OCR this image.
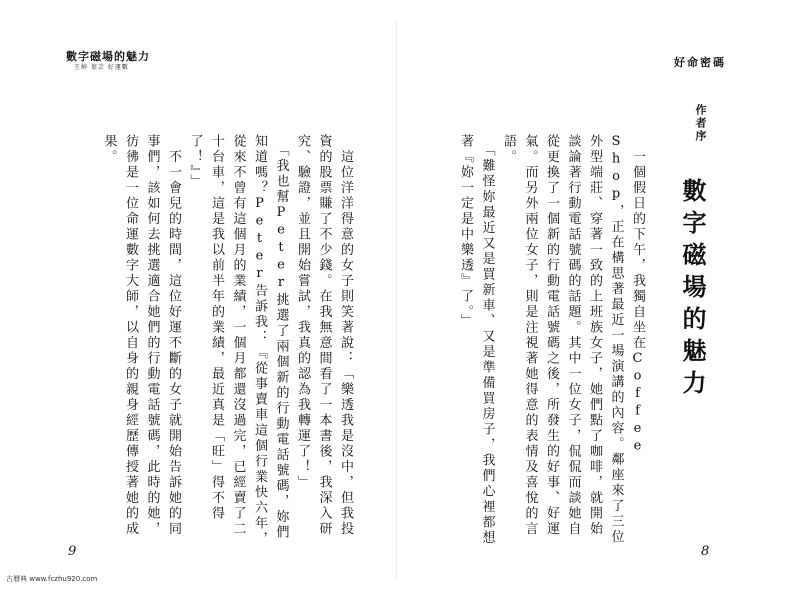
數字磁場的魅力
王紳 葉芸 好運數	好命密碼
作者序
數字磁場的魅力
　一個假日的下午，我獨自坐在Coffee Shop，正在構思著最近一場演講的內容。鄰座來了三位外型端莊、穿著一致的上班族女子，她們點了咖啡，就開始談論著行動電話號碼的話題。其中一位女子，侃侃而談她自從更換了一個新的行動電話號碼之後，所發生的好事、好運氣。而另外兩位女子，則是注視著她得意的表情及喜悅的言語。
　「難怪妳最近又是買新車、又是準備買房子，我們心裡都想著『妳一定是中樂透』了。」
　這位洋洋得意的女子則笑著說：「樂透我是沒中，但我投資的股票賺了不少錢。在我無意間看了一本書後，我深入研究、驗證，並且開始嘗試，我真的認為我轉運了！」
　「我也幫Peter挑選了兩個新的行動電話號碼，妳們知道嗎？Peter告訴我：『從事賣車這個行業快六年，從來不曾有這個月的業績，一個月都還沒過完，已經賣了二十台車，這是我以前半年的業績，最近真是「旺」得不得了！』」
　不一會兒的時間，這位好運不斷的女子就開始告訴她的同事們，該如何去挑選適合她們的行動電話號碼，此時的她，彷彿是一位命運數字大師，以自身的親身經歷傳授著她的成果。
9	8
古曆典 www.fczhu920.com
